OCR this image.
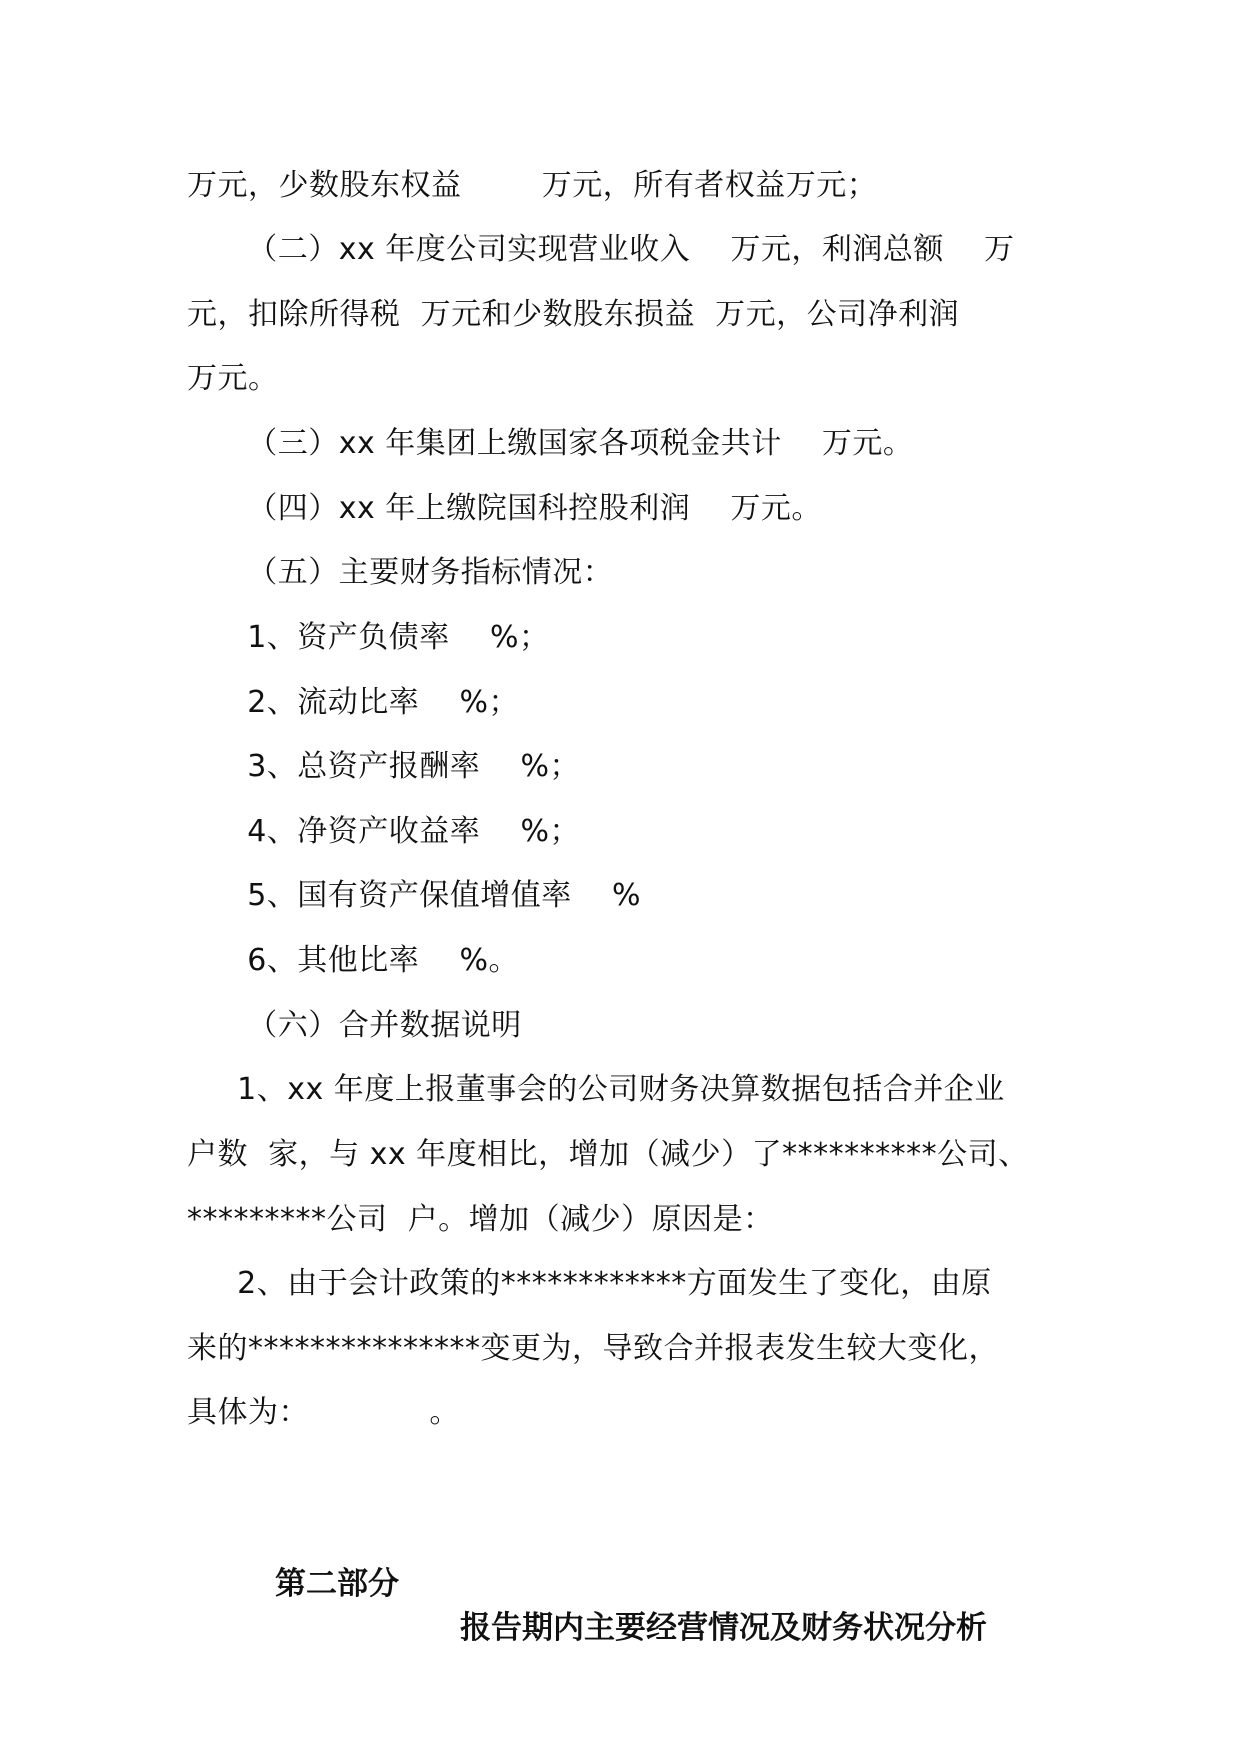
万元，少数股东权益        万元，所有者权益万元；
（二）xx 年度公司实现营业收入    万元，利润总额    万
元，扣除所得税  万元和少数股东损益  万元，公司净利润
万元。
（三）xx 年集团上缴国家各项税金共计    万元。
（四）xx 年上缴院国科控股利润    万元。
（五）主要财务指标情况：
1、资产负债率    %；
2、流动比率    %；
3、总资产报酬率    %；
4、净资产收益率    %；
5、国有资产保值增值率    %
6、其他比率    %。
（六）合并数据说明
1、xx 年度上报董事会的公司财务决算数据包括合并企业
户数  家，与 xx 年度相比，增加（减少）了**********公司、
*********公司  户。增加（减少）原因是：
2、由于会计政策的************方面发生了变化，由原
来的***************变更为，导致合并报表发生较大变化，
具体为：            。

第二部分

报告期内主要经营情况及财务状况分析
